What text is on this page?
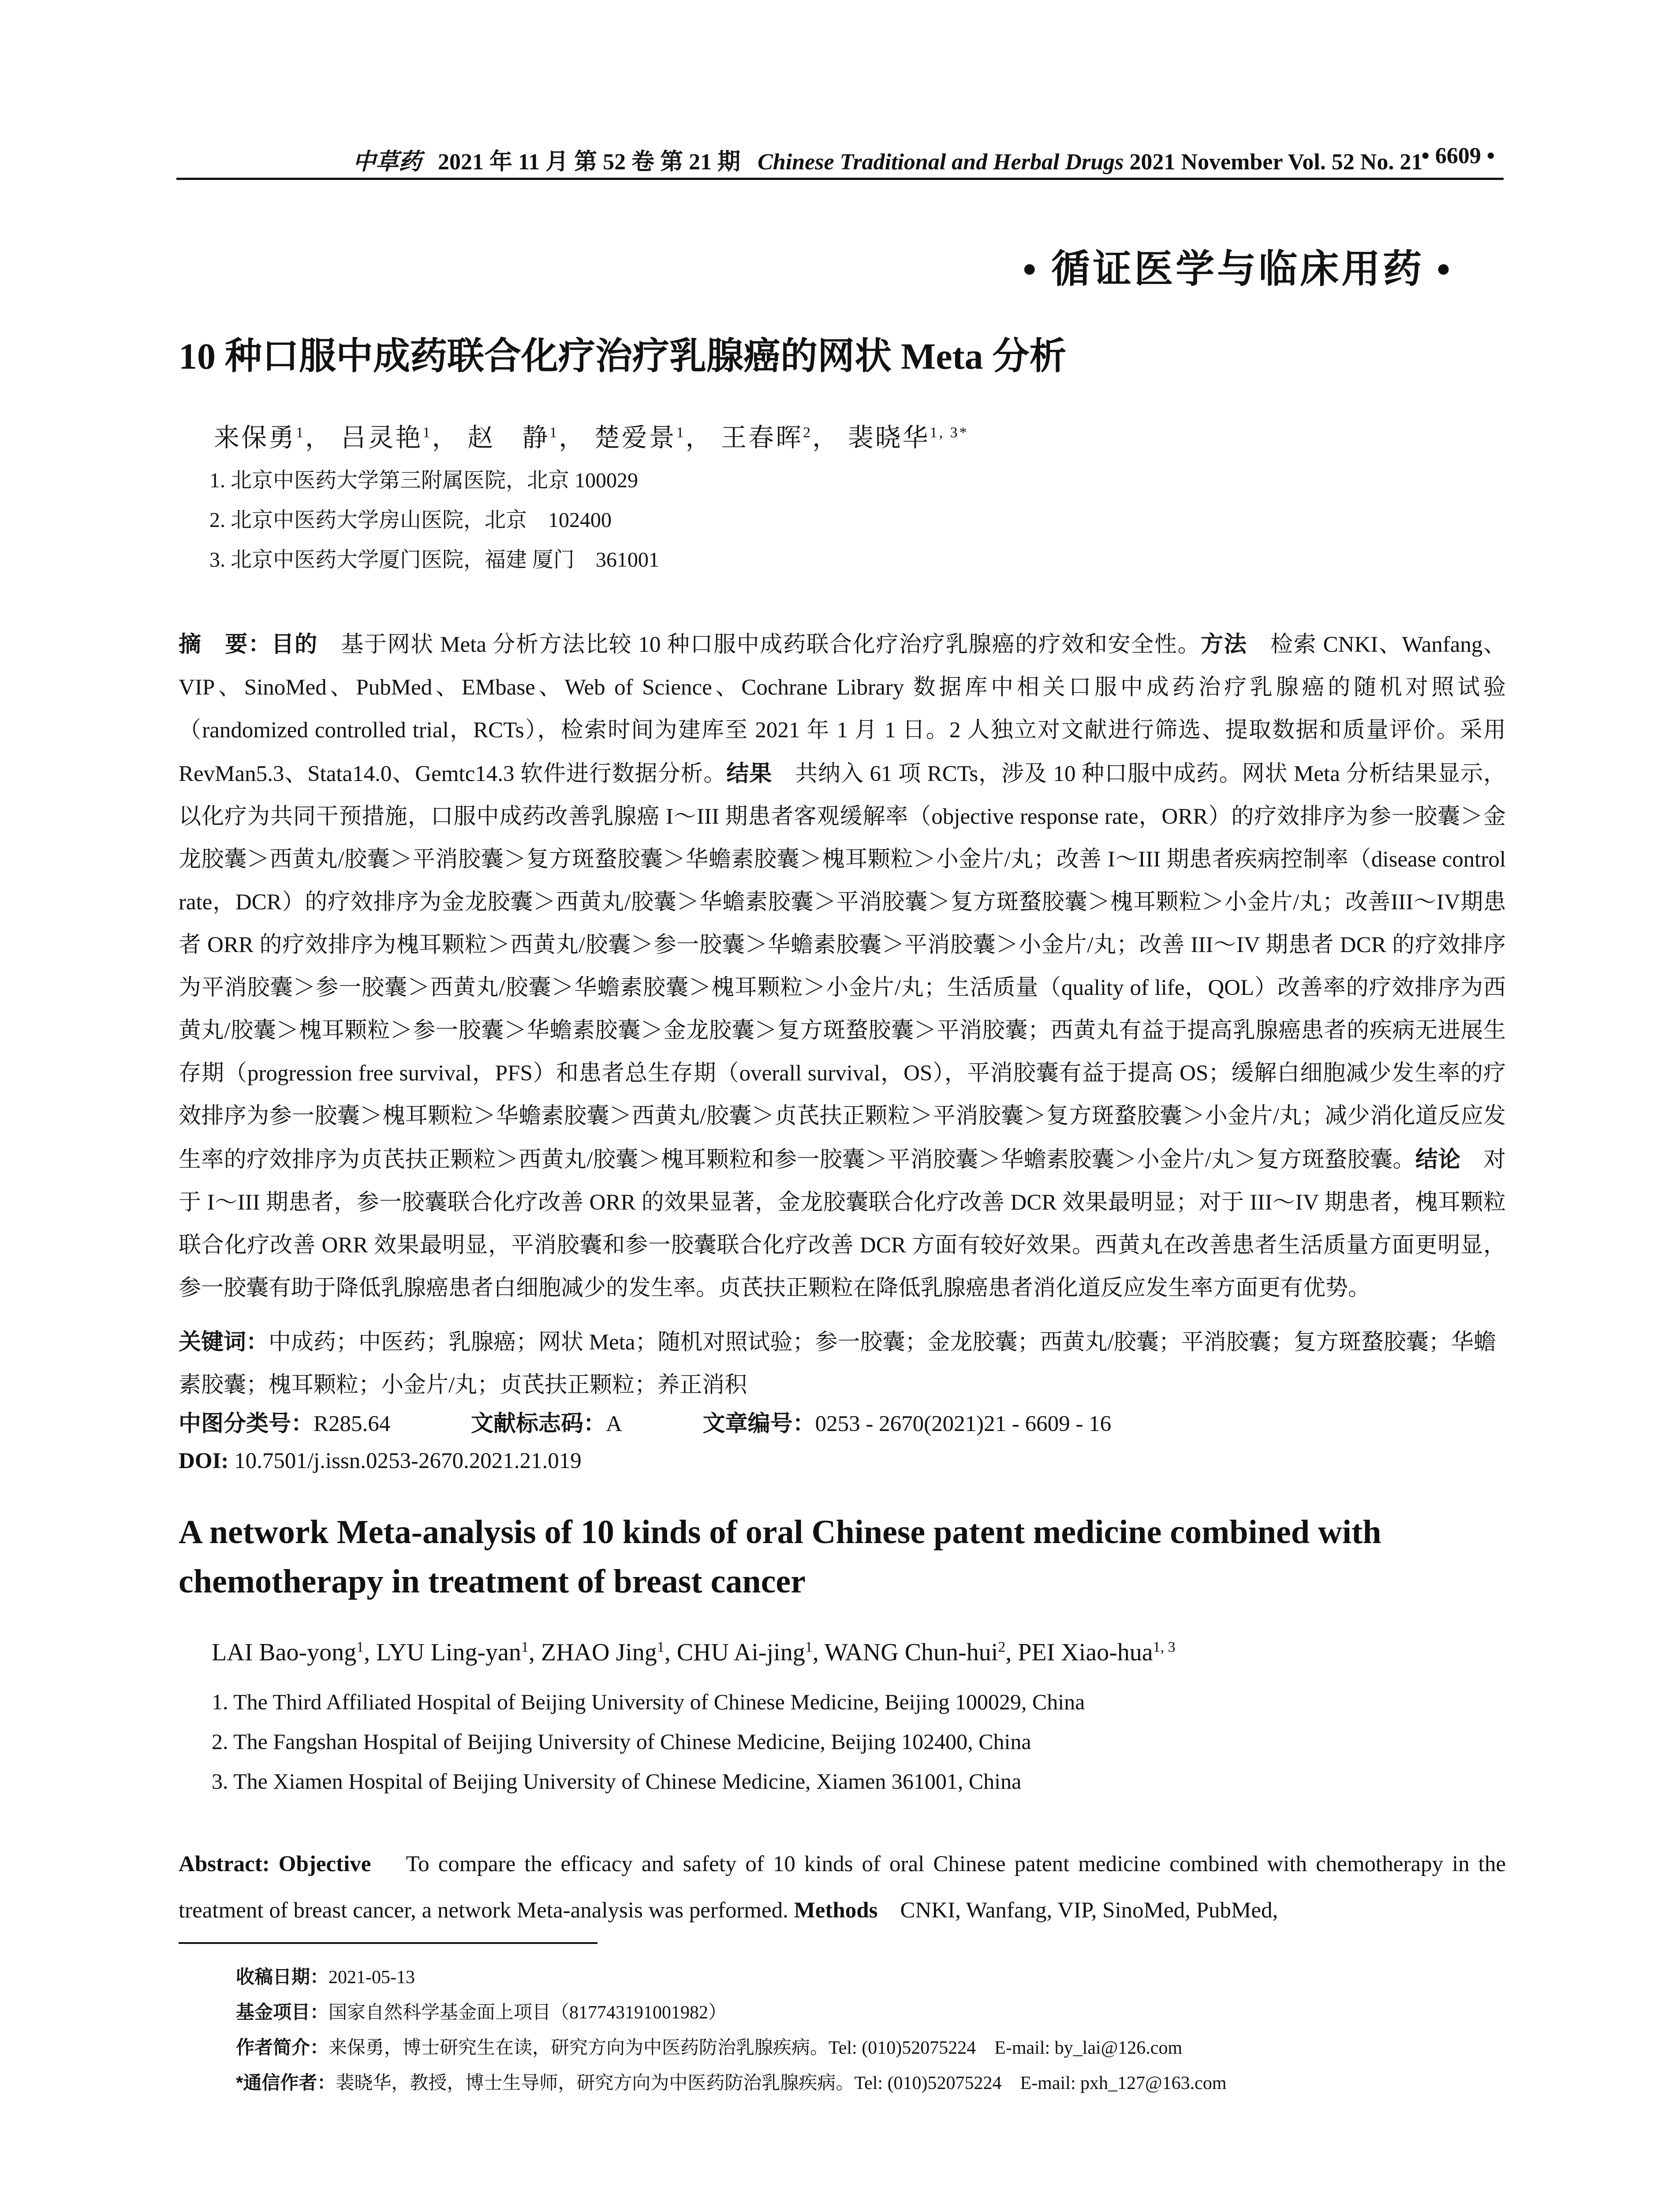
中草药 2021 年 11 月 第 52 卷 第 21 期 Chinese Traditional and Herbal Drugs 2021 November Vol. 52 No. 21
• 6609 •
• 循证医学与临床用药 •
10 种口服中成药联合化疗治疗乳腺癌的网状 Meta 分析
来保勇$^1$， 吕灵艳$^1$， 赵　静$^1$， 楚爱景$^1$， 王春晖$^2$， 裴晓华$^{1, 3*}$
1. 北京中医药大学第三附属医院，北京 100029
2. 北京中医药大学房山医院，北京　102400
3. 北京中医药大学厦门医院，福建 厦门　361001

摘　要：目的　 基于网状 Meta 分析方法比较 10 种口服中成药联合化疗治疗乳腺癌的疗效和安全性。方法　 检索 CNKI、Wanfang、VIP、SinoMed、PubMed、EMbase、Web of Science、Cochrane Library 数据库中相关口服中成药治疗乳腺癌的随机对照试验（randomized controlled trial，RCTs），检索时间为建库至 2021 年 1 月 1 日。2 人独立对文献进行筛选、提取数据和质量评价。采用 RevMan5.3、Stata14.0、Gemtc14.3 软件进行数据分析。结果　 共纳入 61 项 RCTs，涉及 10 种口服中成药。网状 Meta 分析结果显示，以化疗为共同干预措施，口服中成药改善乳腺癌 I～III 期患者客观缓解率（objective response rate，ORR）的疗效排序为参一胶囊＞金龙胶囊＞西黄丸/胶囊＞平消胶囊＞复方斑蝥胶囊＞华蟾素胶囊＞槐耳颗粒＞小金片/丸；改善 I～III 期患者疾病控制率（disease control rate，DCR）的疗效排序为金龙胶囊＞西黄丸/胶囊＞华蟾素胶囊＞平消胶囊＞复方斑蝥胶囊＞槐耳颗粒＞小金片/丸；改善III～IV期患者 ORR 的疗效排序为槐耳颗粒＞西黄丸/胶囊＞参一胶囊＞华蟾素胶囊＞平消胶囊＞小金片/丸；改善 III～IV 期患者 DCR 的疗效排序为平消胶囊＞参一胶囊＞西黄丸/胶囊＞华蟾素胶囊＞槐耳颗粒＞小金片/丸；生活质量（quality of life，QOL）改善率的疗效排序为西黄丸/胶囊＞槐耳颗粒＞参一胶囊＞华蟾素胶囊＞金龙胶囊＞复方斑蝥胶囊＞平消胶囊；西黄丸有益于提高乳腺癌患者的疾病无进展生存期（progression free survival，PFS）和患者总生存期（overall survival，OS），平消胶囊有益于提高 OS；缓解白细胞减少发生率的疗效排序为参一胶囊＞槐耳颗粒＞华蟾素胶囊＞西黄丸/胶囊＞贞芪扶正颗粒＞平消胶囊＞复方斑蝥胶囊＞小金片/丸；减少消化道反应发生率的疗效排序为贞芪扶正颗粒＞西黄丸/胶囊＞槐耳颗粒和参一胶囊＞平消胶囊＞华蟾素胶囊＞小金片/丸＞复方斑蝥胶囊。结论　 对于 I～III 期患者，参一胶囊联合化疗改善 ORR 的效果显著，金龙胶囊联合化疗改善 DCR 效果最明显；对于 III～IV 期患者，槐耳颗粒联合化疗改善 ORR 效果最明显，平消胶囊和参一胶囊联合化疗改善 DCR 方面有较好效果。西黄丸在改善患者生活质量方面更明显，参一胶囊有助于降低乳腺癌患者白细胞减少的发生率。贞芪扶正颗粒在降低乳腺癌患者消化道反应发生率方面更有优势。

关键词：中成药；中医药；乳腺癌；网状 Meta；随机对照试验；参一胶囊；金龙胶囊；西黄丸/胶囊；平消胶囊；复方斑蝥胶囊；华蟾素胶囊；槐耳颗粒；小金片/丸；贞芪扶正颗粒；养正消积

中图分类号：R285.64	文献标志码：A	文章编号：0253 - 2670(2021)21 - 6609 - 16
DOI: 10.7501/j.issn.0253-2670.2021.21.019

A network Meta-analysis of 10 kinds of oral Chinese patent medicine combined with chemotherapy in treatment of breast cancer

LAI Bao-yong$^1$, LYU Ling-yan$^1$, ZHAO Jing$^1$, CHU Ai-jing$^1$, WANG Chun-hui$^2$, PEI Xiao-hua$^{1, 3}$
1. The Third Affiliated Hospital of Beijing University of Chinese Medicine, Beijing 100029, China
2. The Fangshan Hospital of Beijing University of Chinese Medicine, Beijing 102400, China
3. The Xiamen Hospital of Beijing University of Chinese Medicine, Xiamen 361001, China

Abstract: Objective To compare the efficacy and safety of 10 kinds of oral Chinese patent medicine combined with chemotherapy in the treatment of breast cancer, a network Meta-analysis was performed. Methods CNKI, Wanfang, VIP, SinoMed, PubMed,

收稿日期：2021-05-13
基金项目：国家自然科学基金面上项目（817743191001982）
作者简介：来保勇，博士研究生在读，研究方向为中医药防治乳腺疾病。Tel: (010)52075224　E-mail: by_lai@126.com
*通信作者：裴晓华，教授，博士生导师，研究方向为中医药防治乳腺疾病。Tel: (010)52075224　E-mail: pxh_127@163.com
